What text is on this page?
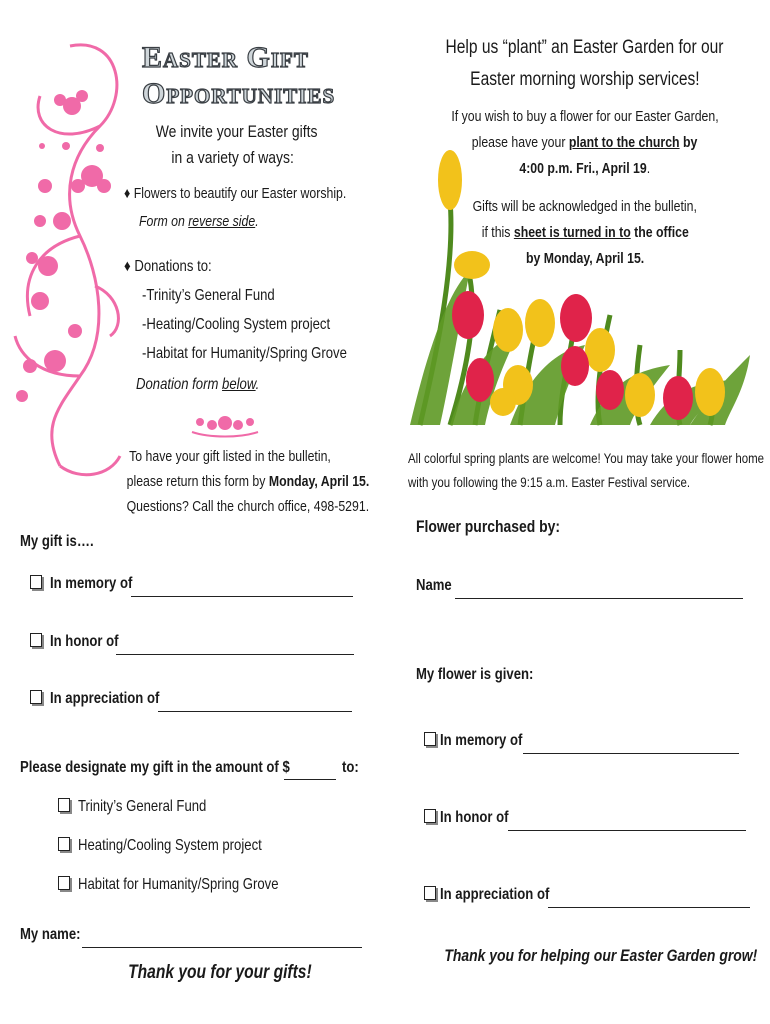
Easter Gift
Opportunities
We invite your Easter gifts
in a variety of ways:
♦ Flowers to beautify our Easter worship.
Form on reverse side.
♦ Donations to:
-Trinity’s General Fund
-Heating/Cooling System project
-Habitat for Humanity/Spring Grove
Donation form below.
To have your gift listed in the bulletin,
please return this form by Monday, April 15.
Questions? Call the church office, 498-5291.
My gift is….
In memory of
In honor of
In appreciation of
Please designate my gift in the amount of $	to:
Trinity’s General Fund
Heating/Cooling System project
Habitat for Humanity/Spring Grove
My name:
Thank you for your gifts!
Help us “plant” an Easter Garden for our
Easter morning worship services!
If you wish to buy a flower for our Easter Garden,
please have your plant to the church by
4:00 p.m. Fri., April 19.
Gifts will be acknowledged in the bulletin,
if this sheet is turned in to the office
by Monday, April 15.
All colorful spring plants are welcome! You may take your flower home
with you following the 9:15 a.m. Easter Festival service.
Flower purchased by:
Name
My flower is given:
In memory of
In honor of
In appreciation of
Thank you for helping our Easter Garden grow!
